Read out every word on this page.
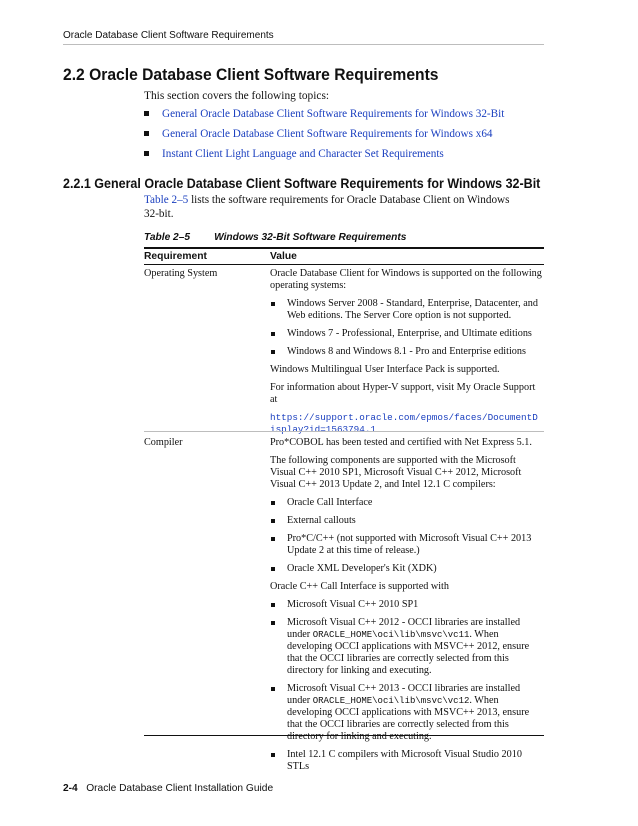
Oracle Database Client Software Requirements
2.2 Oracle Database Client Software Requirements
This section covers the following topics:
General Oracle Database Client Software Requirements for Windows 32-Bit
General Oracle Database Client Software Requirements for Windows x64
Instant Client Light Language and Character Set Requirements
2.2.1 General Oracle Database Client Software Requirements for Windows 32-Bit
Table 2–5 lists the software requirements for Oracle Database Client on Windows 32-bit.
Table 2–5 Windows 32-Bit Software Requirements
Requirement	Value
Operating System	Oracle Database Client for Windows is supported on the following operating systems:

Windows Server 2008 - Standard, Enterprise, Datacenter, and Web editions. The Server Core option is not supported.
Windows 7 - Professional, Enterprise, and Ultimate editions
Windows 8 and Windows 8.1 - Pro and Enterprise editions

Windows Multilingual User Interface Pack is supported.

For information about Hyper-V support, visit My Oracle Support at

https://support.oracle.com/epmos/faces/DocumentDisplay?id=1563794.1

Compiler	Pro*COBOL has been tested and certified with Net Express 5.1.

The following components are supported with the Microsoft Visual C++ 2010 SP1, Microsoft Visual C++ 2012, Microsoft Visual C++ 2013 Update 2, and Intel 12.1 C compilers:

Oracle Call Interface
External callouts
Pro*C/C++ (not supported with Microsoft Visual C++ 2013 Update 2 at this time of release.)
Oracle XML Developer's Kit (XDK)

Oracle C++ Call Interface is supported with

Microsoft Visual C++ 2010 SP1
Microsoft Visual C++ 2012 - OCCI libraries are installed under ORACLE_HOME\oci\lib\msvc\vc11. When developing OCCI applications with MSVC++ 2012, ensure that the OCCI libraries are correctly selected from this directory for linking and executing.
Microsoft Visual C++ 2013 - OCCI libraries are installed under ORACLE_HOME\oci\lib\msvc\vc12. When developing OCCI applications with MSVC++ 2013, ensure that the OCCI libraries are correctly selected from this directory for linking and executing.
Intel 12.1 C compilers with Microsoft Visual Studio 2010 STLs
2-4 Oracle Database Client Installation Guide
